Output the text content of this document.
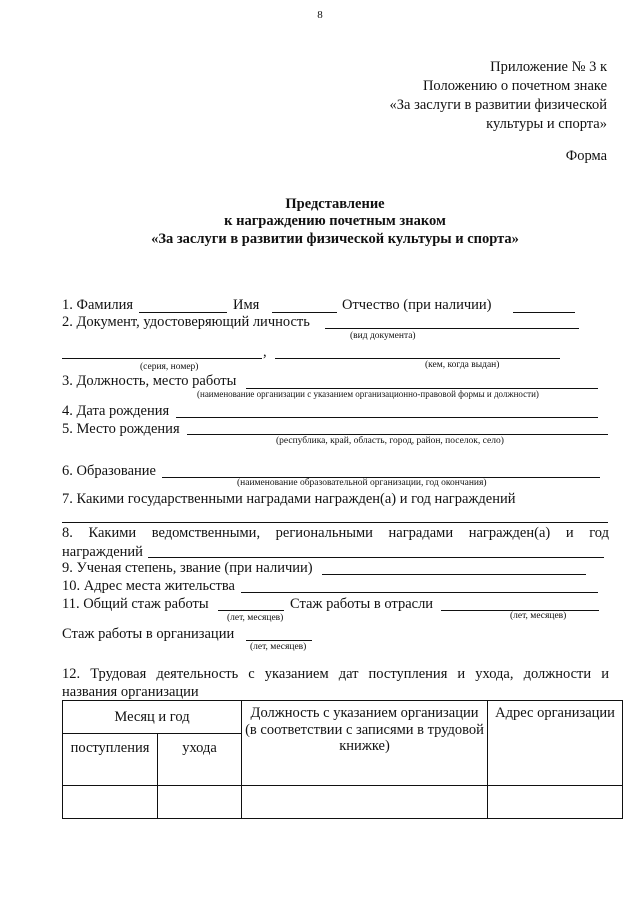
8
Приложение № 3 к
Положению о почетном знаке
«За заслуги в развитии физической
культуры и спорта»
Форма
Представление
к награждению почетным знаком
«За заслуги в развитии физической культуры и спорта»
1. Фамилия	Имя	Отчество (при наличии)
2. Документ, удостоверяющий личность
(вид документа)
,
(серия, номер)	(кем, когда выдан)
3. Должность, место работы
(наименование организации с указанием организационно-правовой формы и должности)
4. Дата рождения
5. Место рождения
(республика, край, область, город, район, поселок, село)
6. Образование
(наименование образовательной организации, год окончания)
7. Какими государственными наградами награжден(а) и год награждений
8. Какими ведомственными, региональными наградами награжден(а) и год
награждений
9. Ученая степень, звание (при наличии)
10. Адрес места жительства
11. Общий стаж работы	Стаж работы в отрасли
(лет, месяцев)	(лет, месяцев)
Стаж работы в организации
(лет, месяцев)
12. Трудовая деятельность с указанием дат поступления и ухода, должности и
названия организации
Месяц и год		Должность с указанием организации (в соответствии с записями в трудовой книжке)	Адрес организации
поступления	ухода		
